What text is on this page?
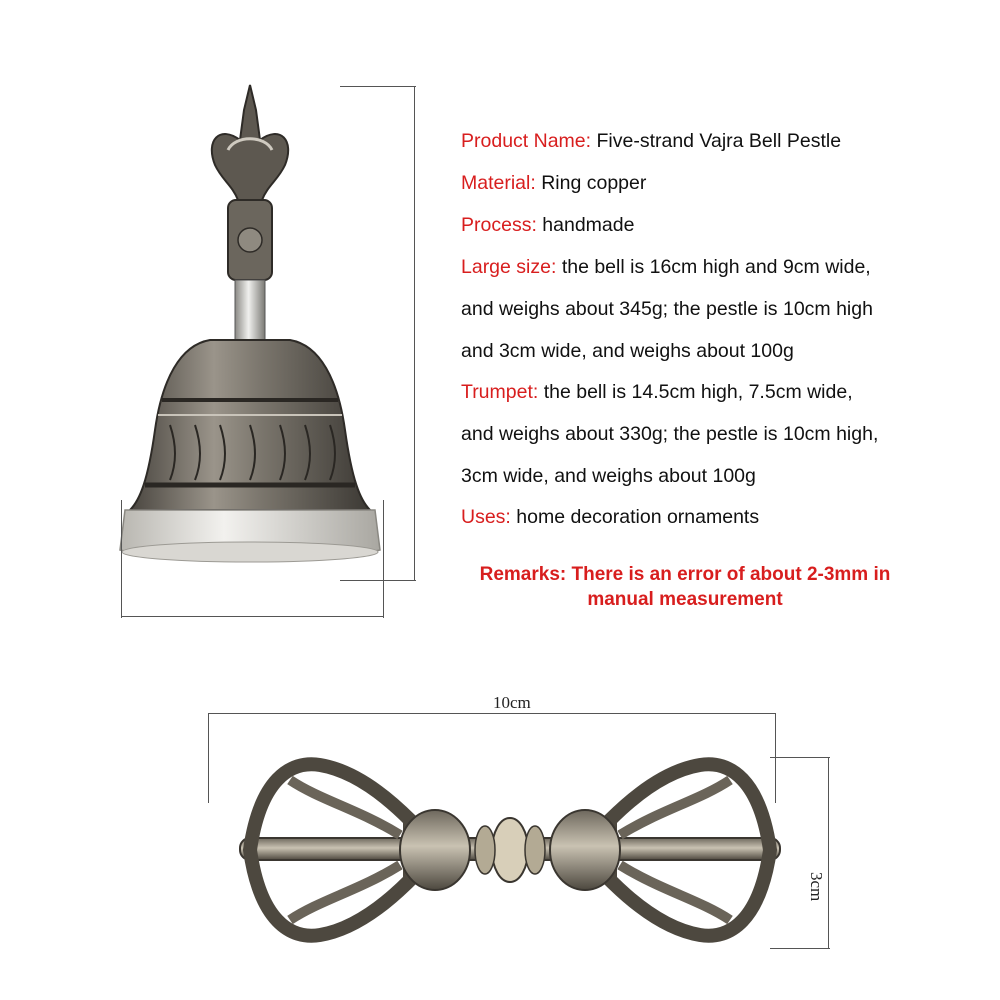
Product Name: Five-strand Vajra Bell Pestle
Material: Ring copper
Process: handmade
Large size: the bell is 16cm high and 9cm wide,
and weighs about 345g; the pestle is 10cm high
and 3cm wide, and weighs about 100g
Trumpet: the bell is 14.5cm high, 7.5cm wide,
and weighs about 330g; the pestle is 10cm high,
3cm wide, and weighs about 100g
Uses: home decoration ornaments
Remarks: There is an error of about 2-3mm in
manual measurement
10cm
3cm
